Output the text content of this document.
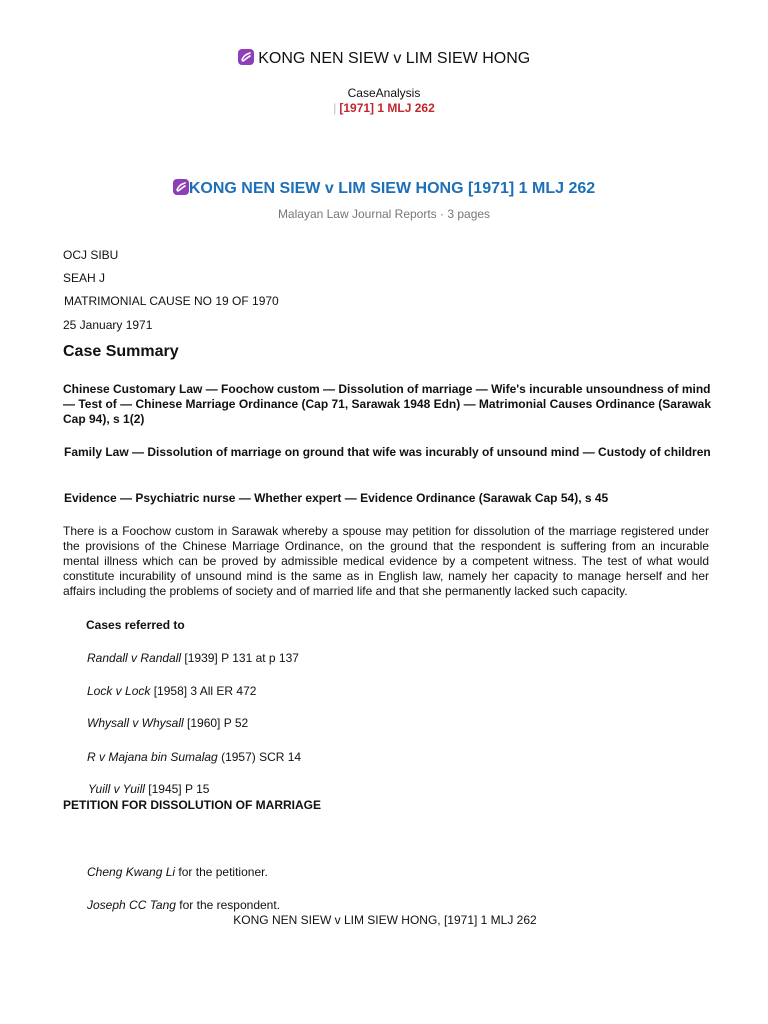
KONG NEN SIEW v LIM SIEW HONG
CaseAnalysis
| [1971] 1 MLJ 262
KONG NEN SIEW v LIM SIEW HONG [1971] 1 MLJ 262
Malayan Law Journal Reports · 3 pages
OCJ SIBU
SEAH J
MATRIMONIAL CAUSE NO 19 OF 1970
25 January 1971
Case Summary
Chinese Customary Law — Foochow custom — Dissolution of marriage — Wife's incurable unsoundness of mind — Test of — Chinese Marriage Ordinance (Cap 71, Sarawak 1948 Edn) — Matrimonial Causes Ordinance (Sarawak Cap 94), s 1(2)
Family Law — Dissolution of marriage on ground that wife was incurably of unsound mind — Custody of children
Evidence — Psychiatric nurse — Whether expert — Evidence Ordinance (Sarawak Cap 54), s 45
There is a Foochow custom in Sarawak whereby a spouse may petition for dissolution of the marriage registered under the provisions of the Chinese Marriage Ordinance, on the ground that the respondent is suffering from an incurable mental illness which can be proved by admissible medical evidence by a competent witness. The test of what would constitute incurability of unsound mind is the same as in English law, namely her capacity to manage herself and her affairs including the problems of society and of married life and that she permanently lacked such capacity.
Cases referred to
Randall v Randall [1939] P 131 at p 137
Lock v Lock [1958] 3 All ER 472
Whysall v Whysall [1960] P 52
R v Majana bin Sumalag (1957) SCR 14
Yuill v Yuill [1945] P 15
PETITION FOR DISSOLUTION OF MARRIAGE
Cheng Kwang Li for the petitioner.
Joseph CC Tang for the respondent.
KONG NEN SIEW v LIM SIEW HONG, [1971] 1 MLJ 262
